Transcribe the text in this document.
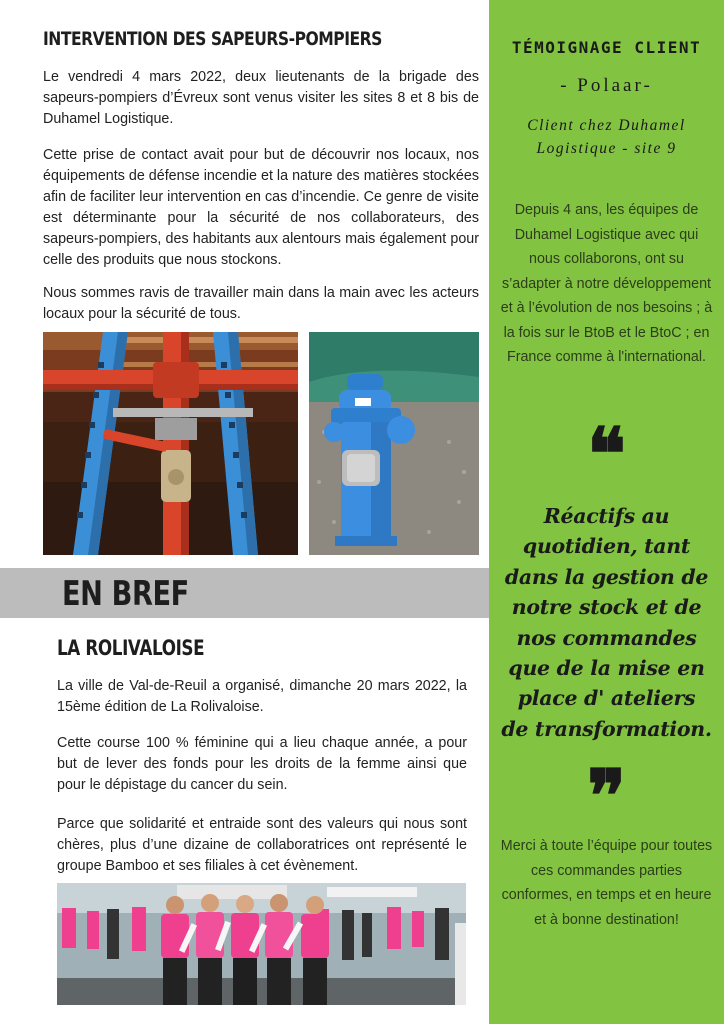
INTERVENTION DES SAPEURS-POMPIERS

Le vendredi 4 mars 2022, deux lieutenants de la brigade des sapeurs-pompiers d’Évreux sont venus visiter les sites 8 et 8 bis de Duhamel Logistique.

Cette prise de contact avait pour but de découvrir nos locaux, nos équipements de défense incendie et la nature des matières stockées afin de faciliter leur intervention en cas d’incendie. Ce genre de visite est déterminante pour la sécurité de nos collaborateurs, des sapeurs-pompiers, des habitants aux alentours mais également pour celle des produits que nous stockons.

Nous sommes ravis de travailler main dans la main avec les acteurs locaux pour la sécurité de tous.

EN BREF
LA ROLIVALOISE

La ville de Val-de-Reuil a organisé, dimanche 20 mars 2022, la 15ème édition de La Rolivaloise.

Cette course 100 % féminine qui a lieu chaque année, a pour but de lever des fonds pour les droits de la femme ainsi que pour le dépistage du cancer du sein.

Parce que solidarité et entraide sont des valeurs qui nous sont chères, plus d’une dizaine de collaboratrices ont représenté le groupe Bamboo et ses filiales à cet évènement.

TÉMOIGNAGE CLIENT
- Polaar-
Client chez Duhamel
Logistique - site 9

Depuis 4 ans, les équipes de Duhamel Logistique avec qui nous collaborons, ont su s’adapter à notre développement et à l’évolution de nos besoins ; à la fois sur le BtoB et le BtoC ; en France comme à l'international.

❝

Réactifs au quotidien, tant dans la gestion de notre stock et de nos commandes que de la mise en place d' ateliers de transformation.

❞

Merci à toute l’équipe pour toutes ces commandes parties conformes, en temps et en heure et à bonne destination!
